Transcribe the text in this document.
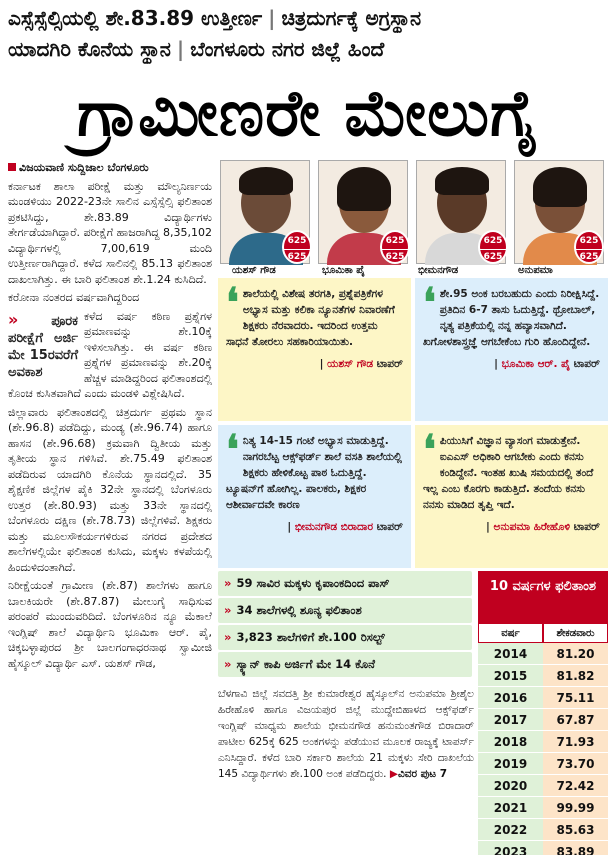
ಎಸ್ಸೆಸ್ಸೆಲ್ಸಿಯಲ್ಲಿ ಶೇ.83.89 ಉತ್ತೀರ್ಣ | ಚಿತ್ರದುರ್ಗಕ್ಕೆ ಅಗ್ರಸ್ಥಾನ
ಯಾದಗಿರಿ ಕೊನೆಯ ಸ್ಥಾನ | ಬೆಂಗಳೂರು ನಗರ ಜಿಲ್ಲೆ ಹಿಂದೆ
ಗ್ರಾಮೀಣರೇ ಮೇಲುಗೈ

ವಿಜಯವಾಣಿ ಸುದ್ದಿಜಾಲ ಬೆಂಗಳೂರು

ಕರ್ನಾಟಕ ಶಾಲಾ ಪರೀಕ್ಷೆ ಮತ್ತು ಮೌಲ್ಯನಿರ್ಣಯ ಮಂಡಳಿಯು 2022-23ನೇ ಸಾಲಿನ ಎಸ್ಸೆಸ್ಸೆಲ್ಸಿ ಫಲಿತಾಂಶ ಪ್ರಕಟಿಸಿದ್ದು, ಶೇ.83.89 ವಿದ್ಯಾರ್ಥಿಗಳು ತೇರ್ಗಡೆಯಾಗಿದ್ದಾರೆ. ಪರೀಕ್ಷೆಗೆ ಹಾಜರಾಗಿದ್ದ 8,35,102 ವಿದ್ಯಾರ್ಥಿಗಳಲ್ಲಿ 7,00,619 ಮಂದಿ ಉತ್ತೀರ್ಣರಾಗಿದ್ದಾರೆ. ಕಳೆದ ಸಾಲಿನಲ್ಲಿ 85.13 ಫಲಿತಾಂಶ ದಾಖಲಾಗಿತ್ತು. ಈ ಬಾರಿ ಫಲಿತಾಂಶ ಶೇ.1.24 ಕುಸಿದಿದೆ.

ಕರೋನಾ ನಂತರದ ವರ್ಷವಾಗಿದ್ದರಿಂದ

»	ಪೂರಕ ಪರೀಕ್ಷೆಗೆ ಅರ್ಜಿ ಮೇ 15ರವರೆಗೆ ಅವಕಾಶ

ಕಳೆದ ವರ್ಷ ಕಠಿಣ ಪ್ರಶ್ನೆಗಳ ಪ್ರಮಾಣವನ್ನು ಶೇ.10ಕ್ಕೆ ಇಳಿಸಲಾಗಿತ್ತು. ಈ ವರ್ಷ ಕಠಿಣ ಪ್ರಶ್ನೆಗಳ ಪ್ರಮಾಣವನ್ನು ಶೇ.20ಕ್ಕೆ ಹೆಚ್ಚಳ ಮಾಡಿದ್ದರಿಂದ ಫಲಿತಾಂಶದಲ್ಲಿ ಕೊಂಚ ಕುಸಿತವಾಗಿದೆ ಎಂದು ಮಂಡಳಿ ವಿಶ್ಲೇಷಿಸಿದೆ.

ಜಿಲ್ಲಾವಾರು ಫಲಿತಾಂಶದಲ್ಲಿ ಚಿತ್ರದುರ್ಗ ಪ್ರಥಮ ಸ್ಥಾನ (ಶೇ.96.8) ಪಡೆದಿದ್ದು, ಮಂಡ್ಯ (ಶೇ.96.74) ಹಾಗೂ ಹಾಸನ (ಶೇ.96.68) ಕ್ರಮವಾಗಿ ದ್ವಿತೀಯ ಮತ್ತು ತೃತೀಯ ಸ್ಥಾನ ಗಳಿಸಿವೆ. ಶೇ.75.49 ಫಲಿತಾಂಶ ಪಡೆದಿರುವ ಯಾದಗಿರಿ ಕೊನೆಯ ಸ್ಥಾನದಲ್ಲಿದೆ. 35 ಶೈಕ್ಷಣಿಕ ಜಿಲ್ಲೆಗಳ ಪೈಕಿ 32ನೇ ಸ್ಥಾನದಲ್ಲಿ ಬೆಂಗಳೂರು ಉತ್ತರ (ಶೇ.80.93) ಮತ್ತು 33ನೇ ಸ್ಥಾನದಲ್ಲಿ ಬೆಂಗಳೂರು ದಕ್ಷಿಣ (ಶೇ.78.73) ಜಿಲ್ಲೆಗಳಿವೆ. ಶಿಕ್ಷಕರು ಮತ್ತು ಮೂಲಸೌಕರ್ಯಗಳಿರುವ ನಗರದ ಪ್ರದೇಶದ ಶಾಲೆಗಳಲ್ಲಿಯೇ ಫಲಿತಾಂಶ ಕುಸಿದು, ಮಕ್ಕಳು ಕಳಪೆಯಲ್ಲಿ ಹಿಂದುಳಿದಂತಾಗಿದೆ.

ನಿರೀಕ್ಷೆಯಂತೆ ಗ್ರಾಮೀಣ (ಶೇ.87) ಶಾಲೆಗಳು ಹಾಗೂ ಬಾಲಕಿಯರೇ (ಶೇ.87.87) ಮೇಲುಗೈ ಸಾಧಿಸುವ ಪರಂಪರೆ ಮುಂದುವರಿದಿದೆ. ಬೆಂಗಳೂರಿನ ನ್ಯೂ ಮೆಕಾಲೆ ಇಂಗ್ಲಿಷ್ ಶಾಲೆ ವಿದ್ಯಾರ್ಥಿನಿ ಭೂಮಿಕಾ ಆರ್. ಪೈ, ಚಿಕ್ಕಬಳ್ಳಾಪುರದ ಶ್ರೀ ಬಾಲಗಂಗಾಧರನಾಥ ಸ್ವಾಮೀಜಿ ಹೈಸ್ಕೂಲ್ ವಿದ್ಯಾರ್ಥಿ ಎಸ್. ಯಶಸ್ ಗೌಡ,

625
625
ಯಶಸ್ ಗೌಡ
625
625
ಭೂಮಿಕಾ ಪೈ
625
625
ಭೀಮನಗೌಡ
625
625
ಅನುಪಮಾ
❛ ಶಾಲೆಯಲ್ಲಿ ವಿಶೇಷ ತರಗತಿ, ಪ್ರಶ್ನೆಪತ್ರಿಕೆಗಳ ಅಭ್ಯಾಸ ಮತ್ತು ಕಲಿಕಾ ನ್ಯೂನತೆಗಳ ನಿವಾರಣೆಗೆ ಶಿಕ್ಷಕರು ನೆರವಾದರು. ಇದರಿಂದ ಉತ್ತಮ ಸಾಧನೆ ತೋರಲು ಸಹಕಾರಿಯಾಯಿತು.
| ಯಶಸ್ ಗೌಡ ಟಾಪರ್
❛ ಶೇ.95 ಅಂಕ ಬರಬಹುದು ಎಂದು ನಿರೀಕ್ಷಿಸಿದ್ದೆ. ಪ್ರತಿದಿನ 6-7 ತಾಸು ಓದುತ್ತಿದ್ದೆ. ಥ್ರೋಬಾಲ್, ನೃತ್ಯ ಪತ್ರಿಕೆಯಲ್ಲಿ ನನ್ನ ಹವ್ಯಾಸವಾಗಿದೆ. ಖಗೋಳಶಾಸ್ತ್ರಜ್ಞೆ ಆಗಬೇಕೆಂಬ ಗುರಿ ಹೊಂದಿದ್ದೇನೆ.
| ಭೂಮಿಕಾ ಆರ್. ಪೈ ಟಾಪರ್
❛ ನಿತ್ಯ 14-15 ಗಂಟೆ ಅಭ್ಯಾಸ ಮಾಡುತ್ತಿದ್ದೆ. ನಾಗರಬೆಟ್ಟ ಆಕ್ಸ್‌ಫರ್ಡ್ ಶಾಲೆ ವಸತಿ ಶಾಲೆಯಲ್ಲಿ ಶಿಕ್ಷಕರು ಹೇಳಿಕೊಟ್ಟ ಪಾಠ ಓದುತ್ತಿದ್ದೆ. ಟ್ಯೂಷನ್‌ಗೆ ಹೋಗಿಲ್ಲ. ಪಾಲಕರು, ಶಿಕ್ಷಕರ ಆಶೀರ್ವಾದವೇ ಕಾರಣ
| ಭೀಮನಗೌಡ ಬಿರಾದಾರ ಟಾಪರ್
❛ ಪಿಯುಸಿಗೆ ವಿಜ್ಞಾನ ವ್ಯಾಸಂಗ ಮಾಡುತ್ತೇನೆ. ಐಎಎಸ್ ಅಧಿಕಾರಿ ಆಗಬೇಕು ಎಂದು ಕನಸು ಕಂಡಿದ್ದೇನೆ. ಇಂತಹ ಖುಷಿ ಸಮಯದಲ್ಲಿ ತಂದೆ ಇಲ್ಲ ಎಂಬ ಕೊರಗು ಕಾಡುತ್ತಿದೆ. ತಂದೆಯ ಕನಸು ನನಸು ಮಾಡಿದ ತೃಪ್ತಿ ಇದೆ.
| ಅನುಪಮಾ ಹಿರೇಹೊಳಿ ಟಾಪರ್
» 59 ಸಾವಿರ ಮಕ್ಕಳು ಕೃಪಾಂಕದಿಂದ ಪಾಸ್
» 34 ಶಾಲೆಗಳಲ್ಲಿ ಶೂನ್ಯ ಫಲಿತಾಂಶ
» 3,823 ಶಾಲೆಗಳಿಗೆ ಶೇ.100 ರಿಸಲ್ಟ್
» ಸ್ಕ್ಯಾನ್ ಕಾಪಿ ಅರ್ಜಿಗೆ ಮೇ 14 ಕೊನೆ
10 ವರ್ಷಗಳ ಫಲಿತಾಂಶ
ವರ್ಷ	ಶೇಕಡವಾರು
2014	81.20
2015	81.82
2016	75.11
2017	67.87
2018	71.93
2019	73.70
2020	72.42
2021	99.99
2022	85.63
2023	83.89
ಬೆಳಗಾವಿ ಜಿಲ್ಲೆ ಸವದತ್ತಿ ಶ್ರೀ ಕುಮಾರೇಶ್ವರ ಹೈಸ್ಕೂಲ್‌ನ ಅನುಪಮಾ ಶ್ರೀಶೈಲ ಹಿರೇಹೊಳಿ ಹಾಗೂ ವಿಜಯಪುರ ಜಿಲ್ಲೆ ಮುದ್ದೇಬಿಹಾಳದ ಆಕ್ಸ್‌ಫರ್ಡ್ ಇಂಗ್ಲಿಷ್ ಮಾಧ್ಯಮ ಶಾಲೆಯ ಭೀಮನಗೌಡ ಹನುಮಂತಗೌಡ ಬಿರಾದಾರ್ ಪಾಟೀಲ 625ಕ್ಕೆ 625 ಅಂಕಗಳನ್ನು ಪಡೆಯುವ ಮೂಲಕ ರಾಜ್ಯಕ್ಕೆ ಟಾಪರ್ಸ್ ಎನಿಸಿದ್ದಾರೆ. ಕಳೆದ ಬಾರಿ ಸರ್ಕಾರಿ ಶಾಲೆಯ 21 ಮಕ್ಕಳು ಸೇರಿ ದಾಖಲೆಯ 145 ವಿದ್ಯಾರ್ಥಿಗಳು ಶೇ.100 ಅಂಕ ಪಡೆದಿದ್ದರು. ▶ವಿವರ ಪುಟ 7
